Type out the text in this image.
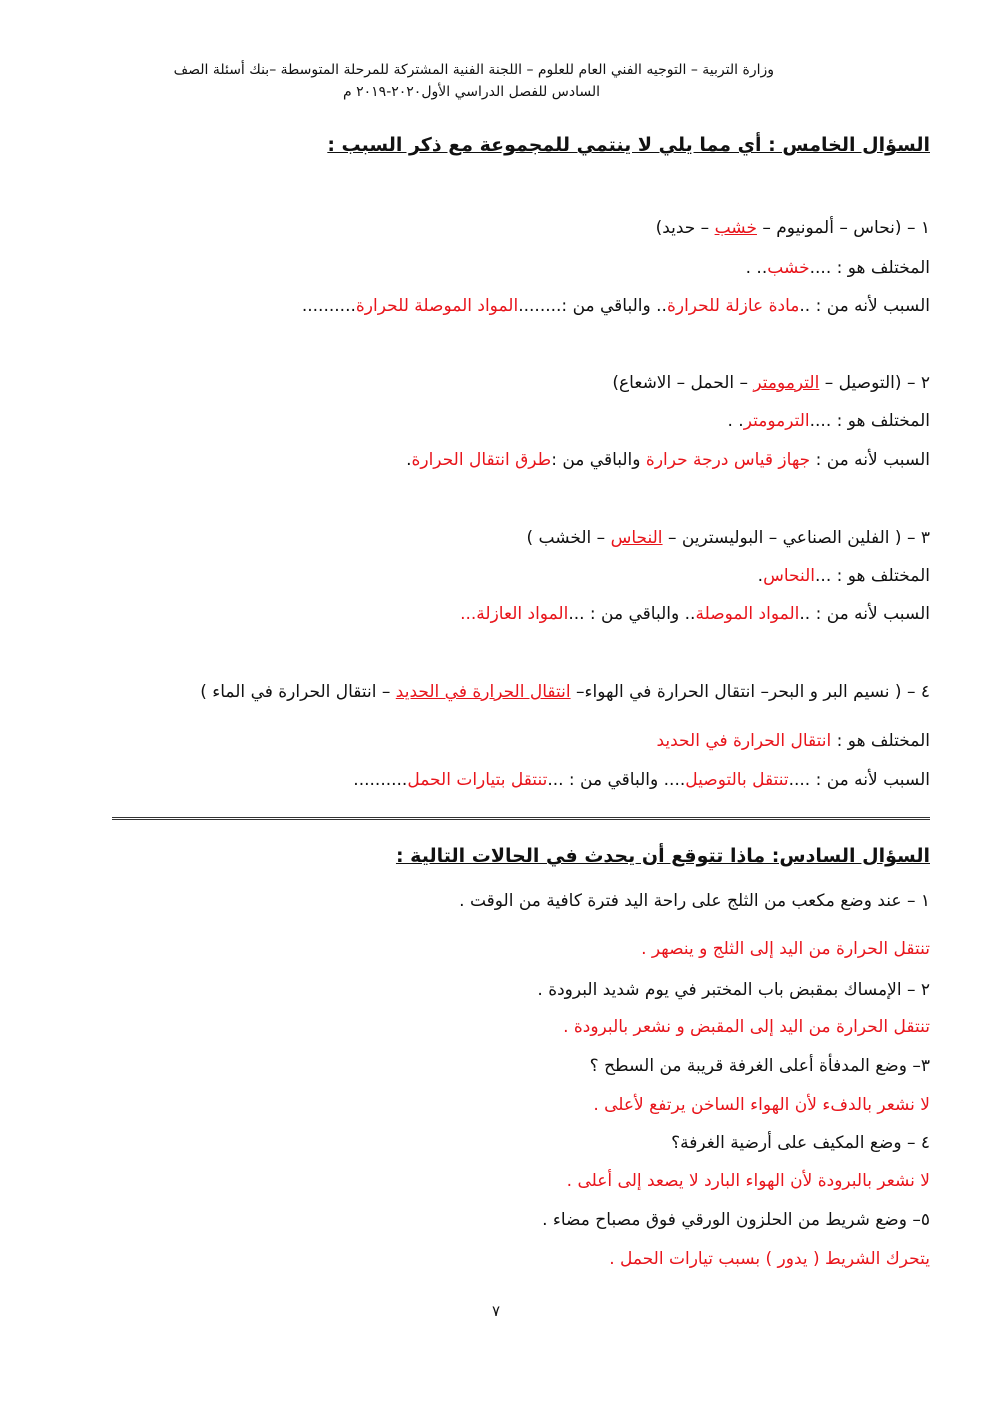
وزارة التربية – التوجيه الفني العام للعلوم – اللجنة الفنية المشتركة للمرحلة المتوسطة –بنك أسئلة الصف
السادس للفصل الدراسي الأول٢٠٢٠-٢٠١٩ م
السؤال الخامس : أي مما يلي لا ينتمي للمجموعة مع ذكر السبب :
١ – (نحاس – ألمونيوم – خشب – حديد)
المختلف هو : ....خشب.. .
السبب لأنه من : ..مادة عازلة للحرارة.. والباقي من :........المواد الموصلة للحرارة..........
٢ – (التوصيل – الترمومتر – الحمل – الاشعاع)
المختلف هو : ....الترمومتر. .
السبب لأنه من : جهاز قياس درجة حرارة والباقي من :طرق انتقال الحرارة.
٣ – ( الفلين الصناعي – البوليسترين – النحاس – الخشب )
المختلف هو : ...النحاس.
السبب لأنه من : ..المواد الموصلة.. والباقي من : ...المواد العازلة...
٤ – ( نسيم البر و البحر– انتقال الحرارة في الهواء– انتقال الحرارة في الحديد – انتقال الحرارة في الماء )
المختلف هو : انتقال الحرارة في الحديد
السبب لأنه من : ....تنتقل بالتوصيل.... والباقي من : ...تنتقل بتيارات الحمل..........
السؤال السادس: ماذا تتوقع أن يحدث في الحالات التالية :
١ – عند وضع مكعب من الثلج على راحة اليد فترة كافية من الوقت .
تنتقل الحرارة من اليد إلى الثلج و ينصهر .
٢ – الإمساك بمقبض باب المختبر في يوم شديد البرودة .
تنتقل الحرارة من اليد إلى المقبض و نشعر بالبرودة .
٣– وضع المدفأة أعلى الغرفة قريبة من السطح ؟
لا نشعر بالدفء لأن الهواء الساخن يرتفع لأعلى .
٤ – وضع المكيف على أرضية الغرفة؟
لا نشعر بالبرودة لأن الهواء البارد لا يصعد إلى أعلى .
٥– وضع شريط من الحلزون الورقي فوق مصباح مضاء .
يتحرك الشريط ( يدور ) بسبب تيارات الحمل .
٧
